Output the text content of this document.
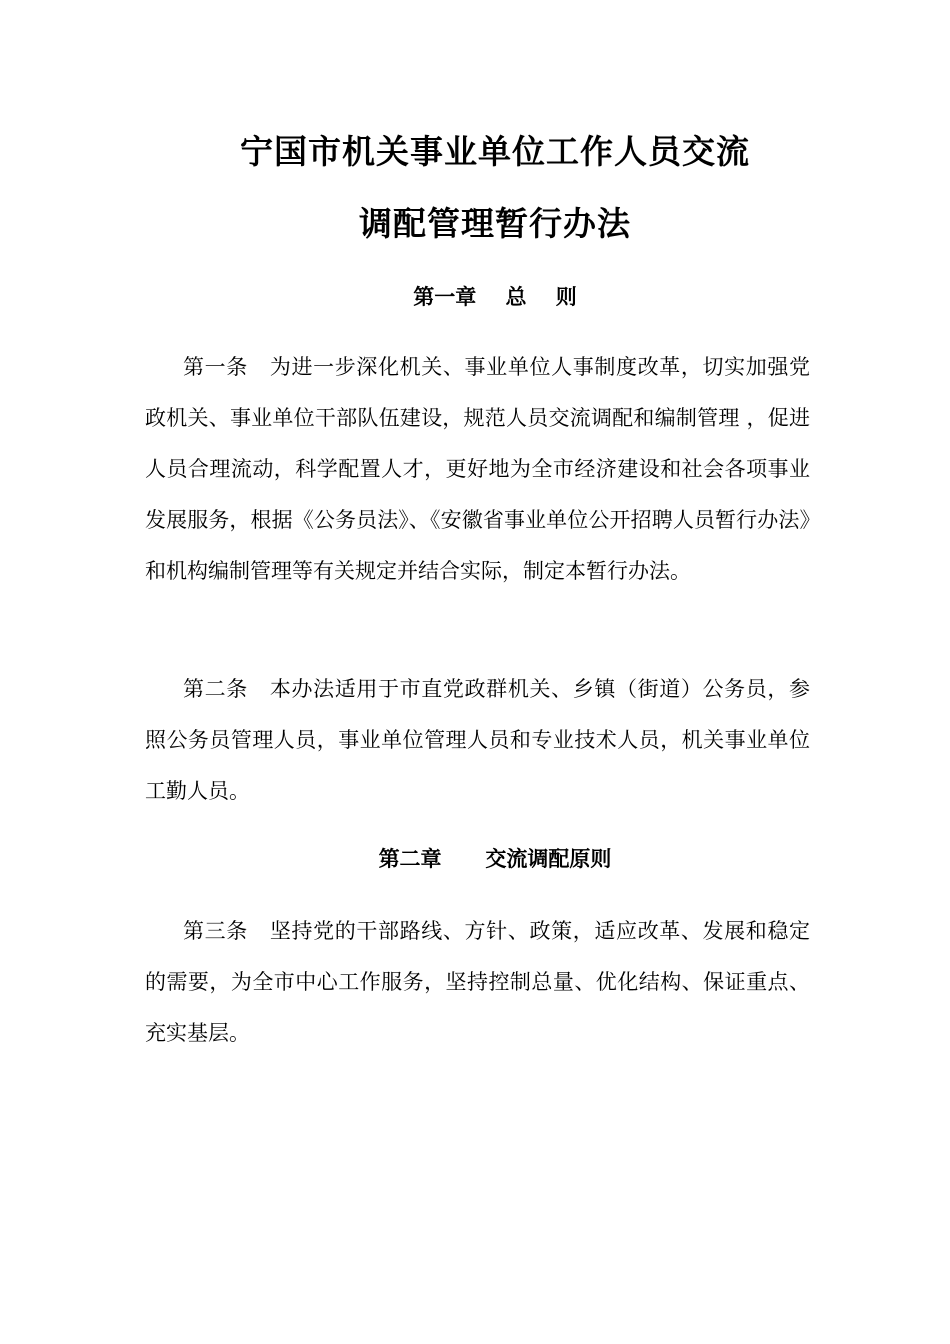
宁国市机关事业单位工作人员交流
调配管理暂行办法
第一章    总    则

第一条 为进一步深化机关、事业单位人事制度改革，切实加强党政机关、事业单位干部队伍建设，规范人员交流调配和编制管理 ，促进人员合理流动，科学配置人才，更好地为全市经济建设和社会各项事业发展服务，根据《公务员法》、《安徽省事业单位公开招聘人员暂行办法》和机构编制管理等有关规定并结合实际，制定本暂行办法。

第二条 本办法适用于市直党政群机关、乡镇（街道）公务员，参照公务员管理人员，事业单位管理人员和专业技术人员，机关事业单位工勤人员。

第二章      交流调配原则

第三条 坚持党的干部路线、方针、政策，适应改革、发展和稳定的需要，为全市中心工作服务，坚持控制总量、优化结构、保证重点、充实基层。
